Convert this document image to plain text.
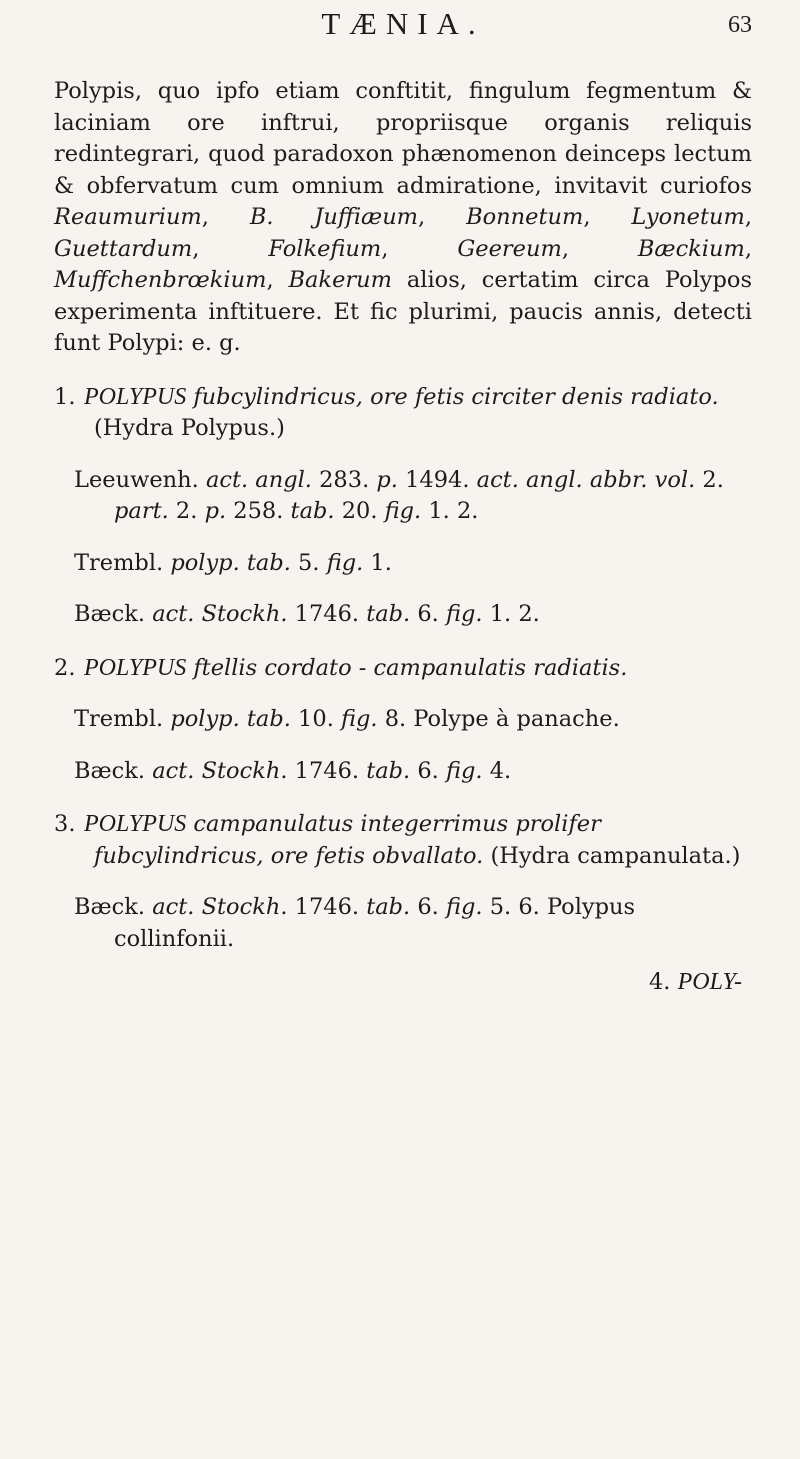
TÆNIA.	63

Polypis, quo ipfo etiam conftitit, fingulum fegmentum & laciniam ore inftrui, propriisque organis reliquis redintegrari, quod paradoxon phænomenon deinceps lectum & obfervatum cum omnium admiratione, invitavit curiofos Reaumurium, B. Juffiæum, Bonnetum, Lyonetum, Guettardum, Folkefium, Geereum, Bæckium, Muffchenbrœkium, Bakerum alios, certatim circa Polypos experimenta inftituere. Et fic plurimi, paucis annis, detecti funt Polypi: e. g.

1. POLYPUS fubcylindricus, ore fetis circiter denis radiato. (Hydra Polypus.)
Leeuwenh. act. angl. 283. p. 1494. act. angl. abbr. vol. 2. part. 2. p. 258. tab. 20. fig. 1. 2.
Trembl. polyp. tab. 5. fig. 1.
Bæck. act. Stockh. 1746. tab. 6. fig. 1. 2.
2. POLYPUS ftellis cordato - campanulatis radiatis.
Trembl. polyp. tab. 10. fig. 8. Polype à panache.
Bæck. act. Stockh. 1746. tab. 6. fig. 4.
3. POLYPUS campanulatus integerrimus prolifer fubcylindricus, ore fetis obvallato. (Hydra campanulata.)
Bæck. act. Stockh. 1746. tab. 6. fig. 5. 6. Polypus collinfonii.
4. POLY-
